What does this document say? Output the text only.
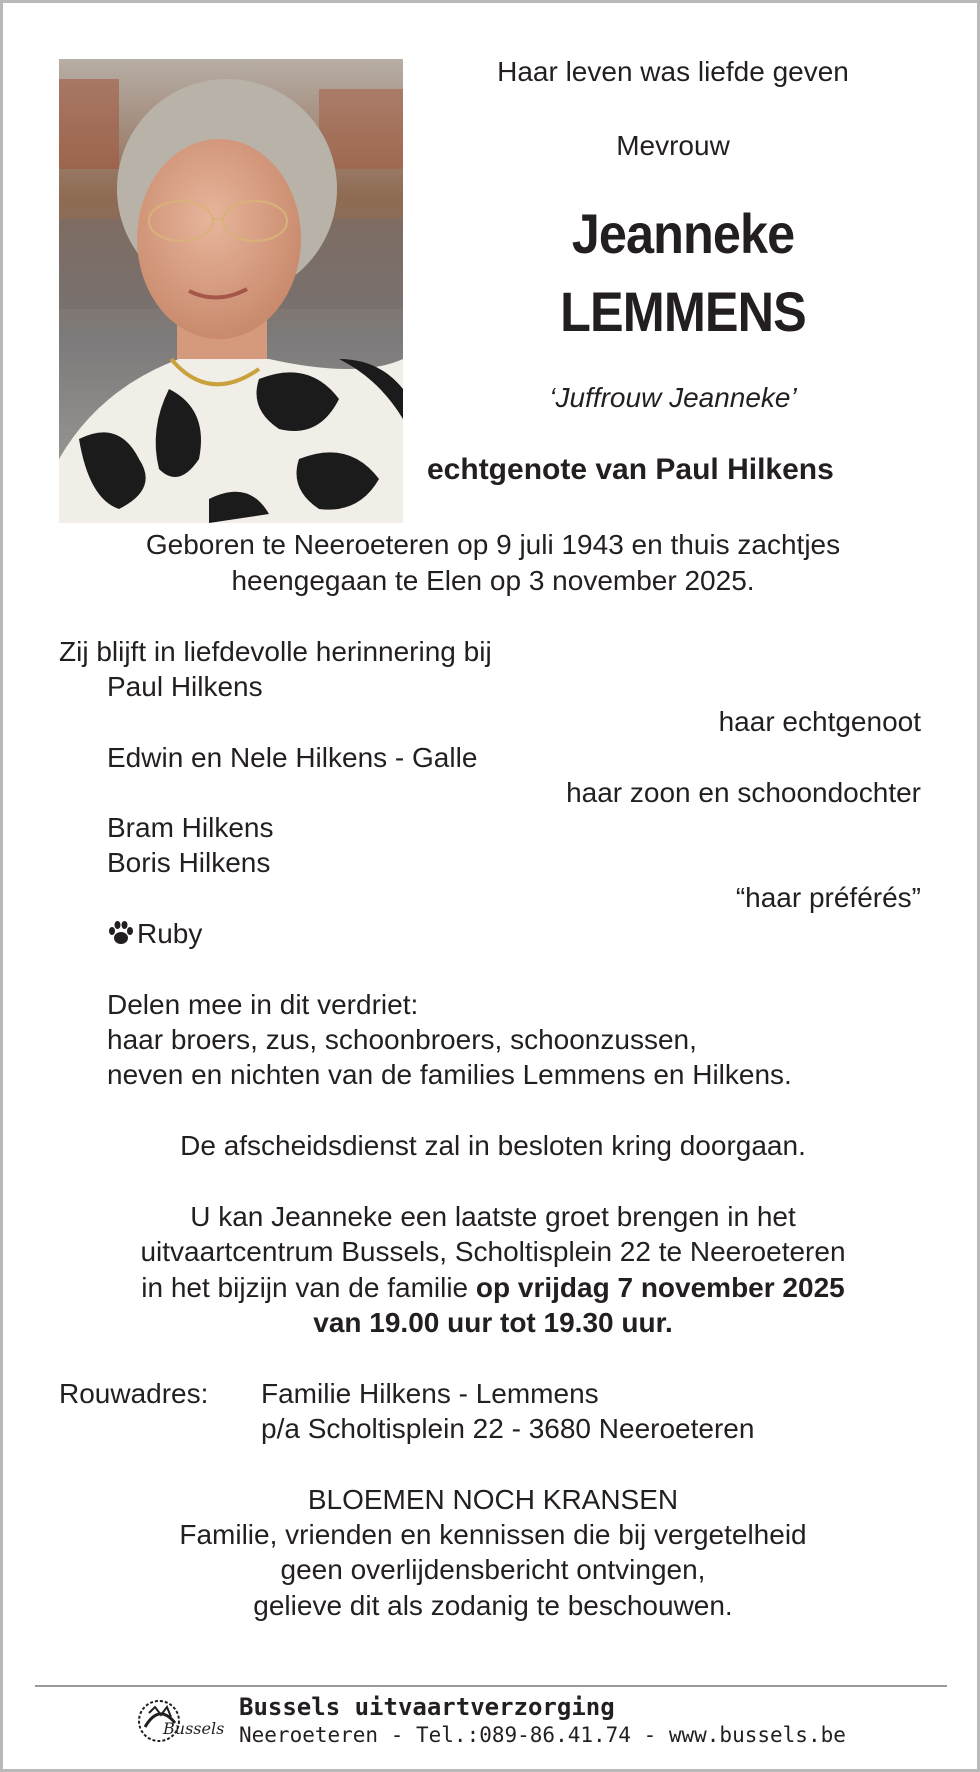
Haar leven was liefde geven
Mevrouw
Jeanneke
LEMMENS
‘Juffrouw Jeanneke’
echtgenote van Paul Hilkens
Geboren te Neeroeteren op 9 juli 1943 en thuis zachtjes
heengegaan te Elen op 3 november 2025.
Zij blijft in liefdevolle herinnering bij
Paul Hilkens
haar echtgenoot
Edwin en Nele Hilkens - Galle
haar zoon en schoondochter
Bram Hilkens
Boris Hilkens
“haar préférés”
Ruby
Delen mee in dit verdriet:
haar broers, zus, schoonbroers, schoonzussen,
neven en nichten van de families Lemmens en Hilkens.
De afscheidsdienst zal in besloten kring doorgaan.
U kan Jeanneke een laatste groet brengen in het
uitvaartcentrum Bussels, Scholtisplein 22 te Neeroeteren
in het bijzijn van de familie op vrijdag 7 november 2025
van 19.00 uur tot 19.30 uur.
Rouwadres: Familie Hilkens - Lemmens
p/a Scholtisplein 22 - 3680 Neeroeteren
BLOEMEN NOCH KRANSEN
Familie, vrienden en kennissen die bij vergetelheid
geen overlijdensbericht ontvingen,
gelieve dit als zodanig te beschouwen.
Bussels
Bussels uitvaartverzorging
Neeroeteren - Tel.:089-86.41.74 - www.bussels.be
